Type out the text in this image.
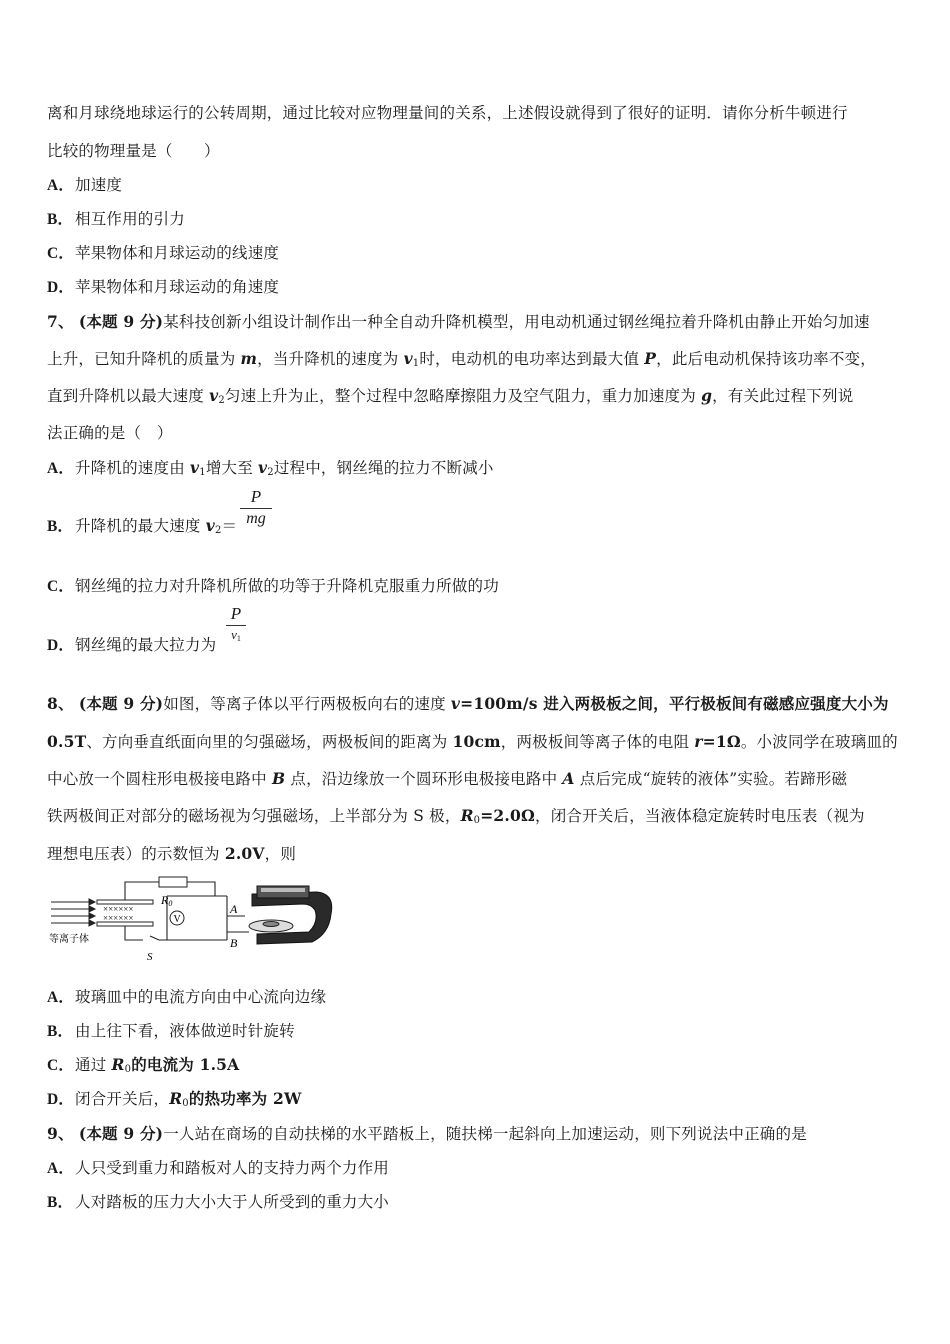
离和月球绕地球运行的公转周期，通过比较对应物理量间的关系，上述假设就得到了很好的证明．请你分析牛顿进行
比较的物理量是（　　）
A．加速度
B． 相互作用的引力
C．苹果物体和月球运动的线速度
D．苹果物体和月球运动的角速度
7、 (本题 9 分)某科技创新小组设计制作出一种全自动升降机模型，用电动机通过钢丝绳拉着升降机由静止开始匀加速
上升，已知升降机的质量为 m，当升降机的速度为 $v_1$时，电动机的电功率达到最大值 P，此后电动机保持该功率不变，
直到升降机以最大速度 $v_2$匀速上升为止，整个过程中忽略摩擦阻力及空气阻力，重力加速度为 g，有关此过程下列说
法正确的是（　）
A．升降机的速度由 $v_1$增大至 $v_2$过程中，钢丝绳的拉力不断减小
B． 升降机的最大速度 $v_2=$
P
mg
C．钢丝绳的拉力对升降机所做的功等于升降机克服重力所做的功
D．钢丝绳的最大拉力为
P
$v_1$
8、 (本题 9 分)如图，等离子体以平行两极板向右的速度 v=100m/s 进入两极板之间，平行极板间有磁感应强度大小为
0.5T、方向垂直纸面向里的匀强磁场，两极板间的距离为 10cm，两极板间等离子体的电阻 r=1Ω。小波同学在玻璃皿的
中心放一个圆柱形电极接电路中 B 点，沿边缘放一个圆环形电极接电路中 A 点后完成“旋转的液体”实验。若蹄形磁
铁两极间正对部分的磁场视为匀强磁场，上半部分为 S 极，$R_0=2.0\Omega$，闭合开关后，当液体稳定旋转时电压表（视为
理想电压表）的示数恒为 2.0V，则
××××××
××××××
等离子体
R0
V
A
B
S
A．玻璃皿中的电流方向由中心流向边缘
B． 由上往下看，液体做逆时针旋转
C．通过 $R_0$的电流为 1.5A
D．闭合开关后，$R_0$的热功率为 2W
9、 (本题 9 分)一人站在商场的自动扶梯的水平踏板上，随扶梯一起斜向上加速运动，则下列说法中正确的是
A．人只受到重力和踏板对人的支持力两个力作用
B． 人对踏板的压力大小大于人所受到的重力大小
